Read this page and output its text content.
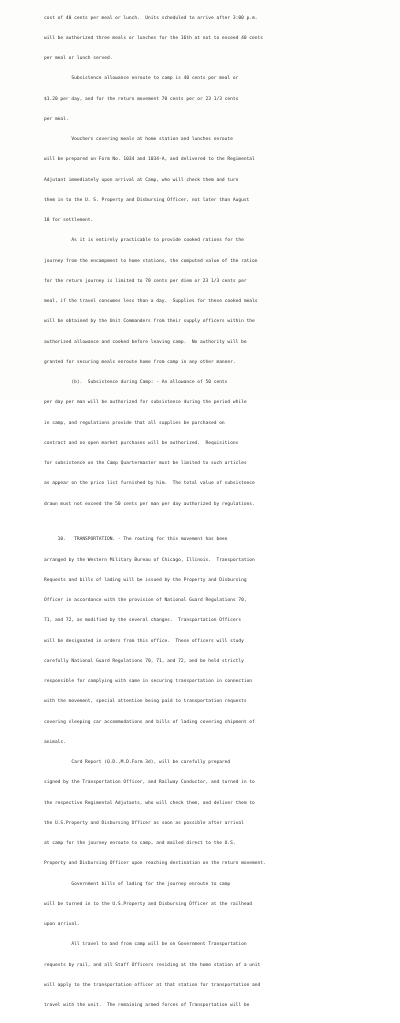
cost of 40 cents per meal or lunch.  Units scheduled to arrive after 3:00 p.m.

will be authorized three meals or lunches for the 16th at not to exceed 40 cents

per meal or lunch served.

Subsistence allowance enroute to camp is 40 cents per meal or

$1.20 per day, and for the return movement 70 cents per or 23 1/3 cents

per meal.

Vouchers covering meals at home station and lunches enroute

will be prepared on Form No. 1034 and 1034-A, and delivered to the Regimental

Adjutant immediately upon arrival at Camp, who will check them and turn

them in to the U. S. Property and Disbursing Officer, not later than August

18 for settlement.

As it is entirely practicable to provide cooked rations for the

journey from the encampment to home stations, the computed value of the ration

for the return journey is limited to 70 cents per diem or 23 1/3 cents per

meal, if the travel consumes less than a day.  Supplies for these cooked meals

will be obtained by the Unit Commanders from their supply officers within the

authorized allowance and cooked before leaving camp.  No authority will be

granted for securing meals enroute home from camp in any other manner.

(b).  Subsistence during Camp: - An allowance of 50 cents

per day per man will be authorized for subsistence during the period while

in camp, and regulations provide that all supplies be purchased on

contract and no open market purchases will be authorized.  Requisitions

for subsistence on the Camp Quartermaster must be limited to such articles

as appear on the price list furnished by him.  The total value of subsistence

drawn must not exceed the 50 cents per man per day authorized by regulations.

10.   TRANSPORTATION. - The routing for this movement has been

arranged by the Western Military Bureau of Chicago, Illinois.  Transportation

Requests and bills of lading will be issued by the Property and Disbursing

Officer in accordance with the provision of National Guard Regulations 70,

71, and 72, as modified by the several changes.  Transportation Officers

will be designated in orders from this office.  These officers will study

carefully National Guard Regulations 70, 71, and 72, and be held strictly

responsible for complying with same in securing transportation in connection

with the movement, special attention being paid to transportation requests

covering sleeping car accommodations and bills of lading covering shipment of

animals.

Card Report (Q.D.,M.D.Form 3d), will be carefully prepared

signed by the Transportation Officer, and Railway Conductor, and turned in to

the respective Regimental Adjutants, who will check them, and deliver them to

the U.S.Property and Disbursing Officer as soon as possible after arrival

at camp for the journey enroute to camp, and mailed direct to the U.S.

Property and Disbursing Officer upon reaching destination on the return movement.

Government bills of lading for the journey enroute to camp

will be turned in to the U.S.Property and Disbursing Officer at the railhead

upon arrival.

All travel to and from camp will be on Government Transportation

requests by rail, and all Staff Officers residing at the home station of a unit

will apply to the transportation officer at that station for transportation and

travel with the unit.  The remaining armed forces of Transportation will be
